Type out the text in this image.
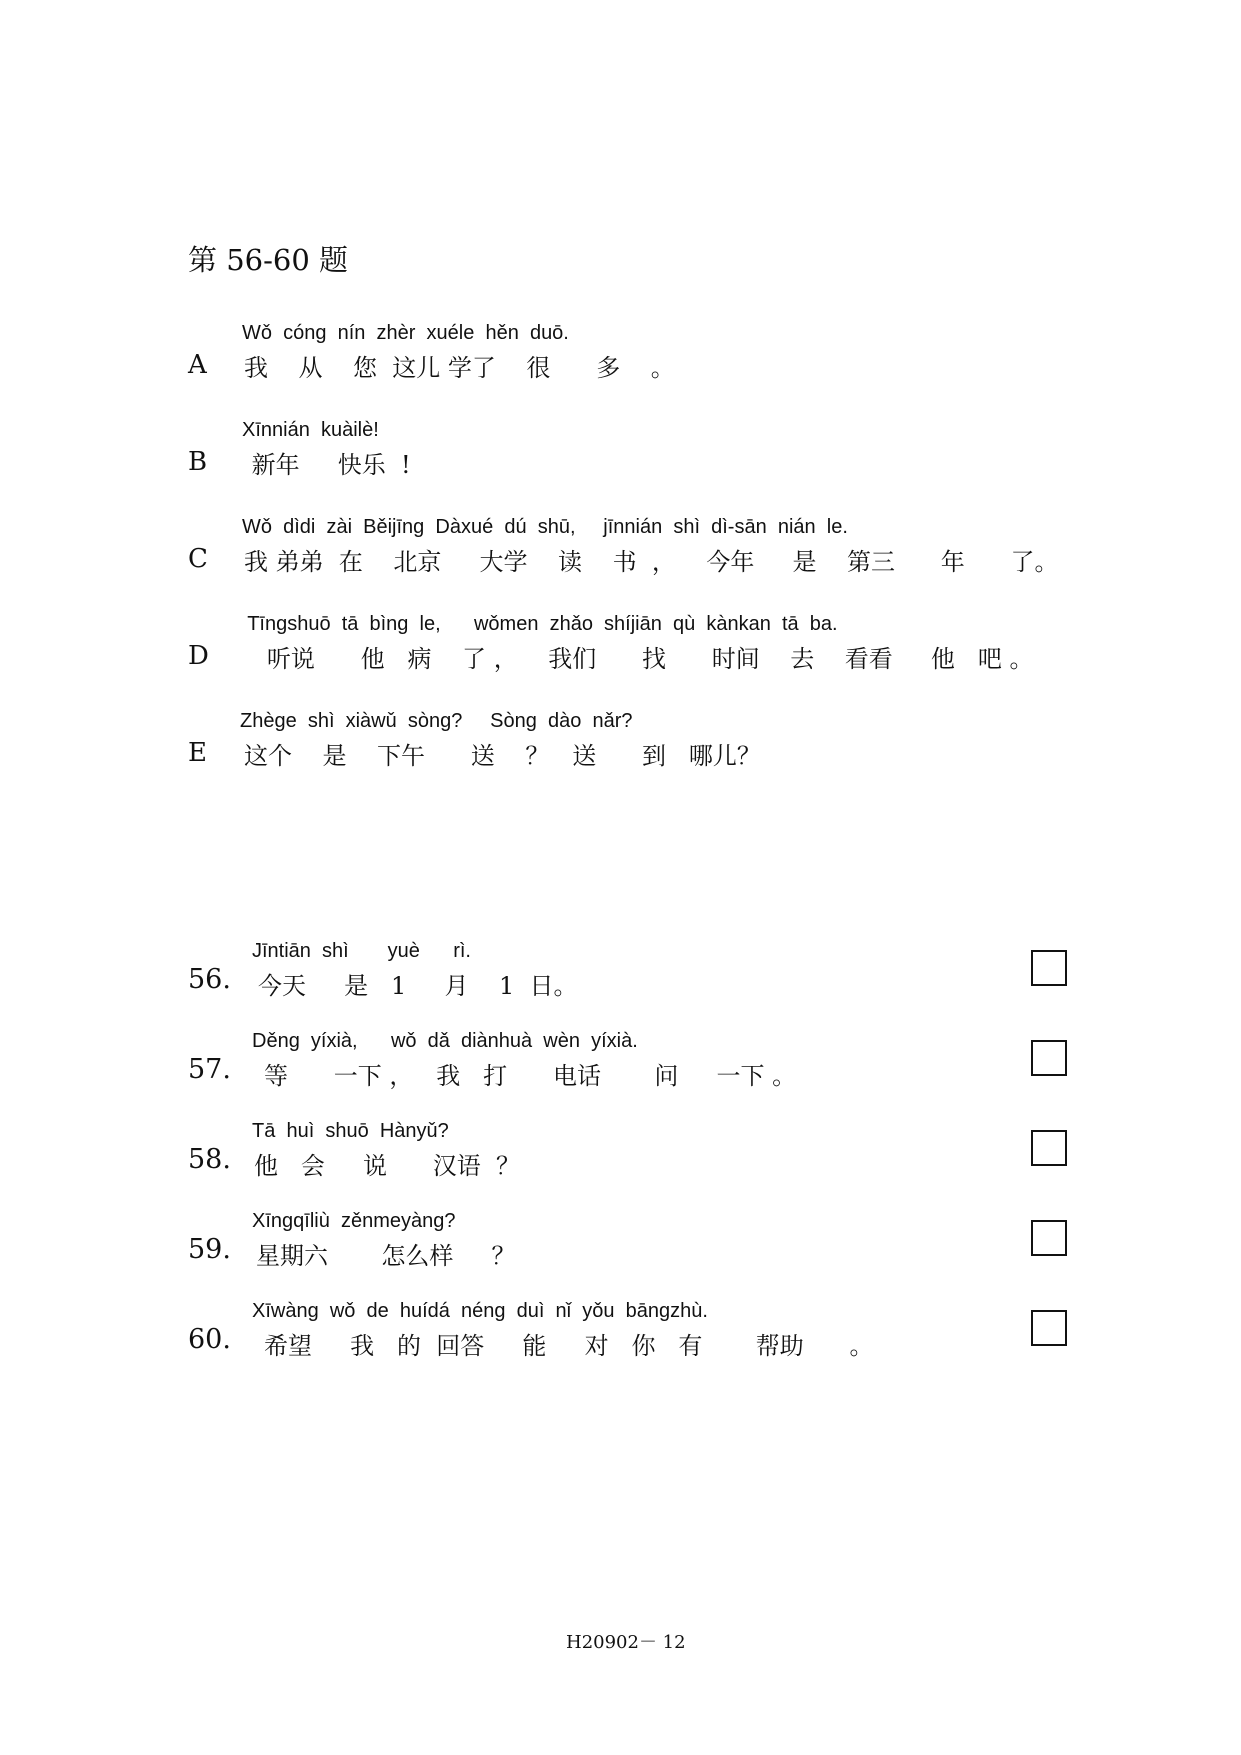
第 56-60 题
A
Wǒ  cóng  nín  zhèr  xuéle  hěn  duō.
我    从    您  这儿 学了    很      多    。
B
Xīnnián  kuàilè!
新年     快乐  !
C
Wǒ  dìdi  zài  Běijīng  Dàxué  dú  shū,     jīnnián  shì  dì-sān  nián  le.
我 弟弟  在    北京     大学    读    书  ，    今年     是    第三      年      了。
D
Tīngshuō  tā  bìng  le,      wǒmen  zhǎo  shíjiān  qù  kànkan  tā  ba.
听说      他   病    了 ，    我们      找      时间    去    看看     他   吧 。
E
Zhège  shì  xiàwǔ  sòng?     Sòng  dào  nǎr?
这个    是    下午      送    ？   送      到   哪儿？
56.
Jīntiān  shì       yuè      rì.
今天     是   1     月    1  日。
57.
Děng  yíxià,      wǒ  dǎ  diànhuà  wèn  yíxià.
等      一下 ，   我   打      电话       问     一下 。
58.
Tā  huì  shuō  Hànyǔ?
他   会     说      汉语  ？
59.
Xīngqīliù  zěnmeyàng?
星期六       怎么样     ？
60.
Xīwàng  wǒ  de  huídá  néng  duì  nǐ  yǒu  bāngzhù.
希望     我   的  回答     能     对   你   有       帮助      。
H20902－ 12
